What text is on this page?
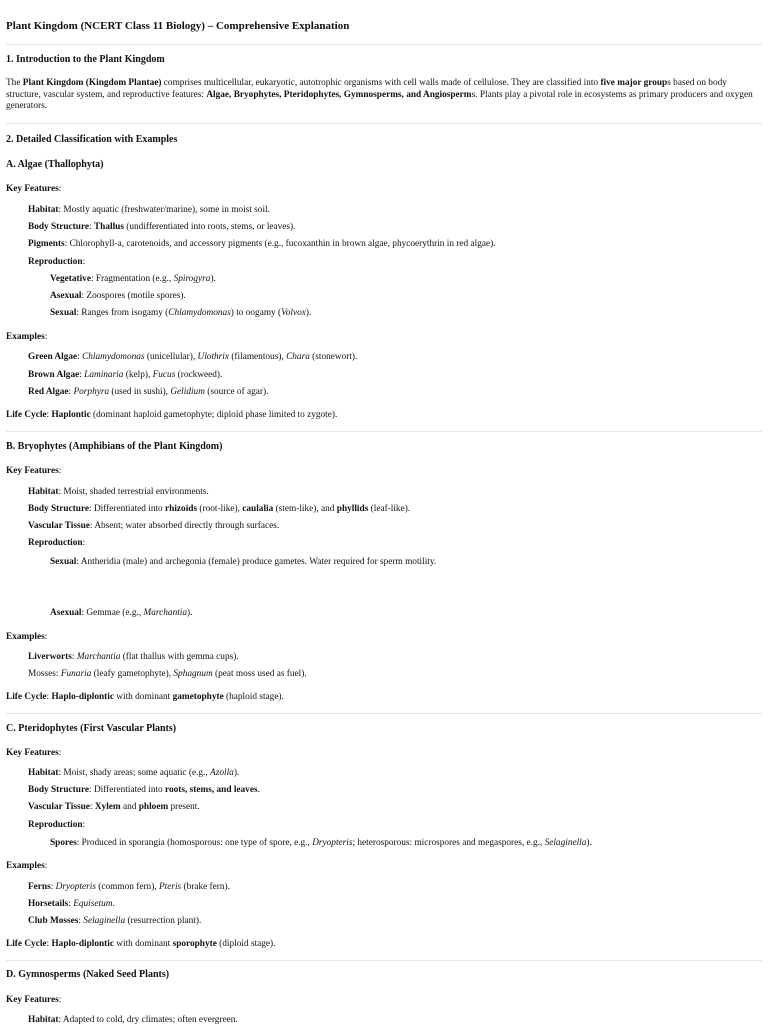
Plant Kingdom (NCERT Class 11 Biology) – Comprehensive Explanation
1. Introduction to the Plant Kingdom
The Plant Kingdom (Kingdom Plantae) comprises multicellular, eukaryotic, autotrophic organisms with cell walls made of cellulose. They are classified into five major groups based on body structure, vascular system, and reproductive features: Algae, Bryophytes, Pteridophytes, Gymnosperms, and Angiosperms. Plants play a pivotal role in ecosystems as primary producers and oxygen generators.
2. Detailed Classification with Examples
A. Algae (Thallophyta)
Key Features:
Habitat: Mostly aquatic (freshwater/marine), some in moist soil.
Body Structure: Thallus (undifferentiated into roots, stems, or leaves).
Pigments: Chlorophyll-a, carotenoids, and accessory pigments (e.g., fucoxanthin in brown algae, phycoerythrin in red algae).
Reproduction:
Vegetative: Fragmentation (e.g., Spirogyra).
Asexual: Zoospores (motile spores).
Sexual: Ranges from isogamy (Chlamydomonas) to oogamy (Volvox).
Examples:
Green Algae: Chlamydomonas (unicellular), Ulothrix (filamentous), Chara (stonewort).
Brown Algae: Laminaria (kelp), Fucus (rockweed).
Red Algae: Porphyra (used in sushi), Gelidium (source of agar).
Life Cycle: Haplontic (dominant haploid gametophyte; diploid phase limited to zygote).
B. Bryophytes (Amphibians of the Plant Kingdom)
Key Features:
Habitat: Moist, shaded terrestrial environments.
Body Structure: Differentiated into rhizoids (root-like), caulalia (stem-like), and phyllids (leaf-like).
Vascular Tissue: Absent; water absorbed directly through surfaces.
Reproduction:
Sexual: Antheridia (male) and archegonia (female) produce gametes. Water required for sperm motility.
Asexual: Gemmae (e.g., Marchantia).
Examples:
Liverworts: Marchantia (flat thallus with gemma cups).
Mosses: Funaria (leafy gametophyte), Sphagnum (peat moss used as fuel).
Life Cycle: Haplo-diplontic with dominant gametophyte (haploid stage).
C. Pteridophytes (First Vascular Plants)
Key Features:
Habitat: Moist, shady areas; some aquatic (e.g., Azolla).
Body Structure: Differentiated into roots, stems, and leaves.
Vascular Tissue: Xylem and phloem present.
Reproduction:
Spores: Produced in sporangia (homosporous: one type of spore, e.g., Dryopteris; heterosporous: microspores and megaspores, e.g., Selaginella).
Examples:
Ferns: Dryopteris (common fern), Pteris (brake fern).
Horsetails: Equisetum.
Club Mosses: Selaginella (resurrection plant).
Life Cycle: Haplo-diplontic with dominant sporophyte (diploid stage).
D. Gymnosperms (Naked Seed Plants)
Key Features:
Habitat: Adapted to cold, dry climates; often evergreen.
